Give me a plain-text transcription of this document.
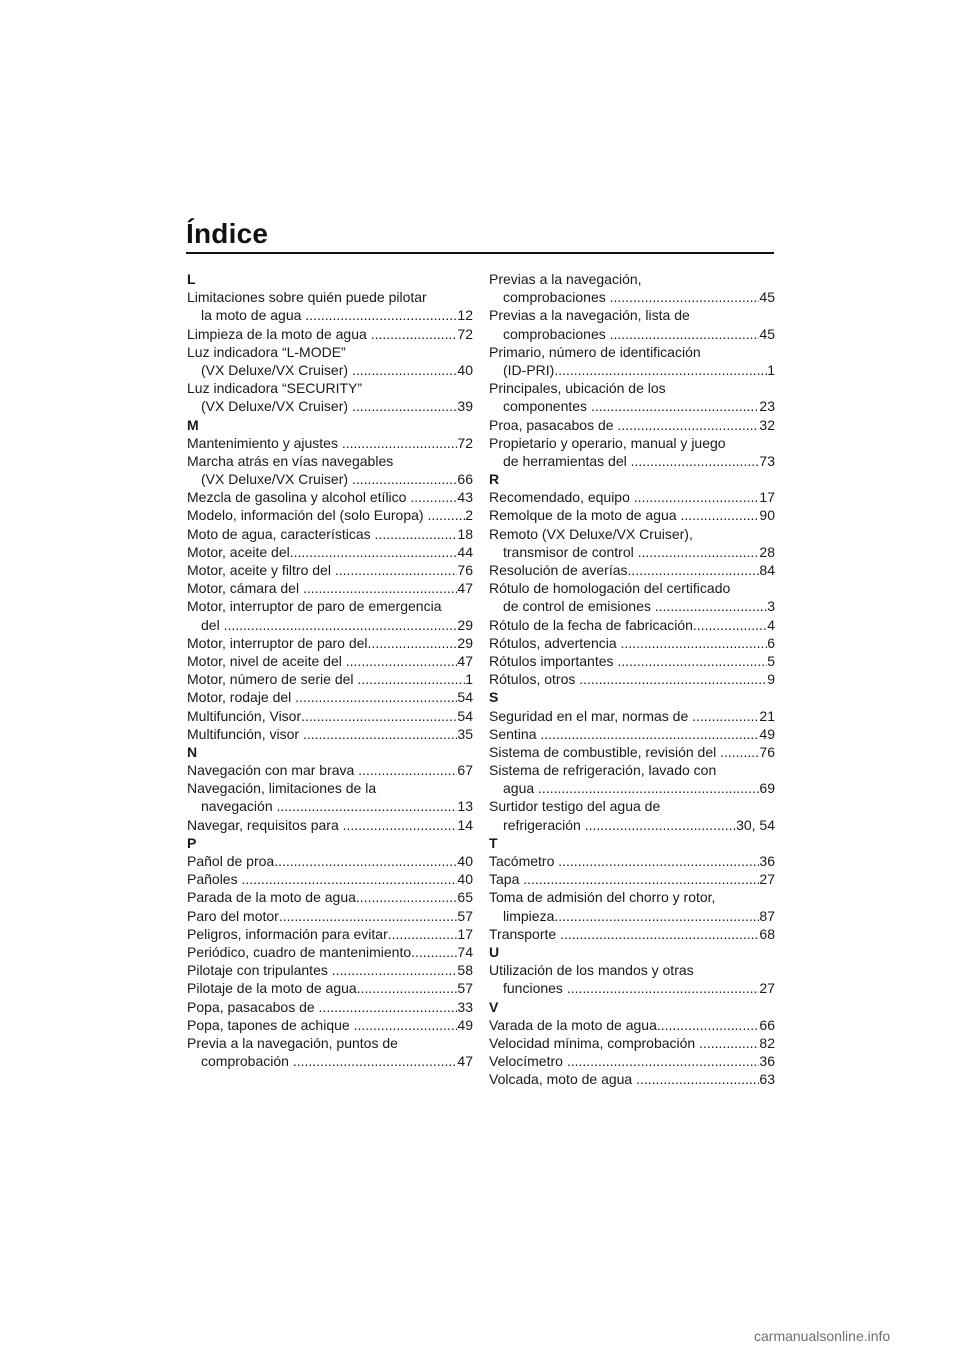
Índice
L
Limitaciones sobre quién puede pilotar
la moto de agua .....	12
Limpieza de la moto de agua .....	72
Luz indicadora “L-MODE”
(VX Deluxe/VX Cruiser) .....	40
Luz indicadora “SECURITY”
(VX Deluxe/VX Cruiser) .....	39
M
Mantenimiento y ajustes .....	72
Marcha atrás en vías navegables
(VX Deluxe/VX Cruiser) .....	66
Mezcla de gasolina y alcohol etílico .....	43
Modelo, información del (solo Europa) .....	2
Moto de agua, características .....	18
Motor, aceite del .....	44
Motor, aceite y filtro del .....	76
Motor, cámara del .....	47
Motor, interruptor de paro de emergencia
del .....	29
Motor, interruptor de paro del .....	29
Motor, nivel de aceite del .....	47
Motor, número de serie del .....	1
Motor, rodaje del .....	54
Multifunción, Visor .....	54
Multifunción, visor .....	35
N
Navegación con mar brava .....	67
Navegación, limitaciones de la
navegación .....	13
Navegar, requisitos para .....	14
P
Pañol de proa .....	40
Pañoles .....	40
Parada de la moto de agua .....	65
Paro del motor .....	57
Peligros, información para evitar .....	17
Periódico, cuadro de mantenimiento .....	74
Pilotaje con tripulantes .....	58
Pilotaje de la moto de agua .....	57
Popa, pasacabos de .....	33
Popa, tapones de achique .....	49
Previa a la navegación, puntos de
comprobación .....	47
Previas a la navegación,
comprobaciones .....	45
Previas a la navegación, lista de
comprobaciones .....	45
Primario, número de identificación
(ID-PRI) .....	1
Principales, ubicación de los
componentes .....	23
Proa, pasacabos de .....	32
Propietario y operario, manual y juego
de herramientas del .....	73
R
Recomendado, equipo .....	17
Remolque de la moto de agua .....	90
Remoto (VX Deluxe/VX Cruiser),
transmisor de control .....	28
Resolución de averías .....	84
Rótulo de homologación del certificado
de control de emisiones .....	3
Rótulo de la fecha de fabricación .....	4
Rótulos, advertencia .....	6
Rótulos importantes .....	5
Rótulos, otros .....	9
S
Seguridad en el mar, normas de .....	21
Sentina .....	49
Sistema de combustible, revisión del .....	76
Sistema de refrigeración, lavado con
agua .....	69
Surtidor testigo del agua de
refrigeración .....	30, 54
T
Tacómetro .....	36
Tapa .....	27
Toma de admisión del chorro y rotor,
limpieza .....	87
Transporte .....	68
U
Utilización de los mandos y otras
funciones .....	27
V
Varada de la moto de agua .....	66
Velocidad mínima, comprobación .....	82
Velocímetro .....	36
Volcada, moto de agua .....	63
carmanualsonline.info
